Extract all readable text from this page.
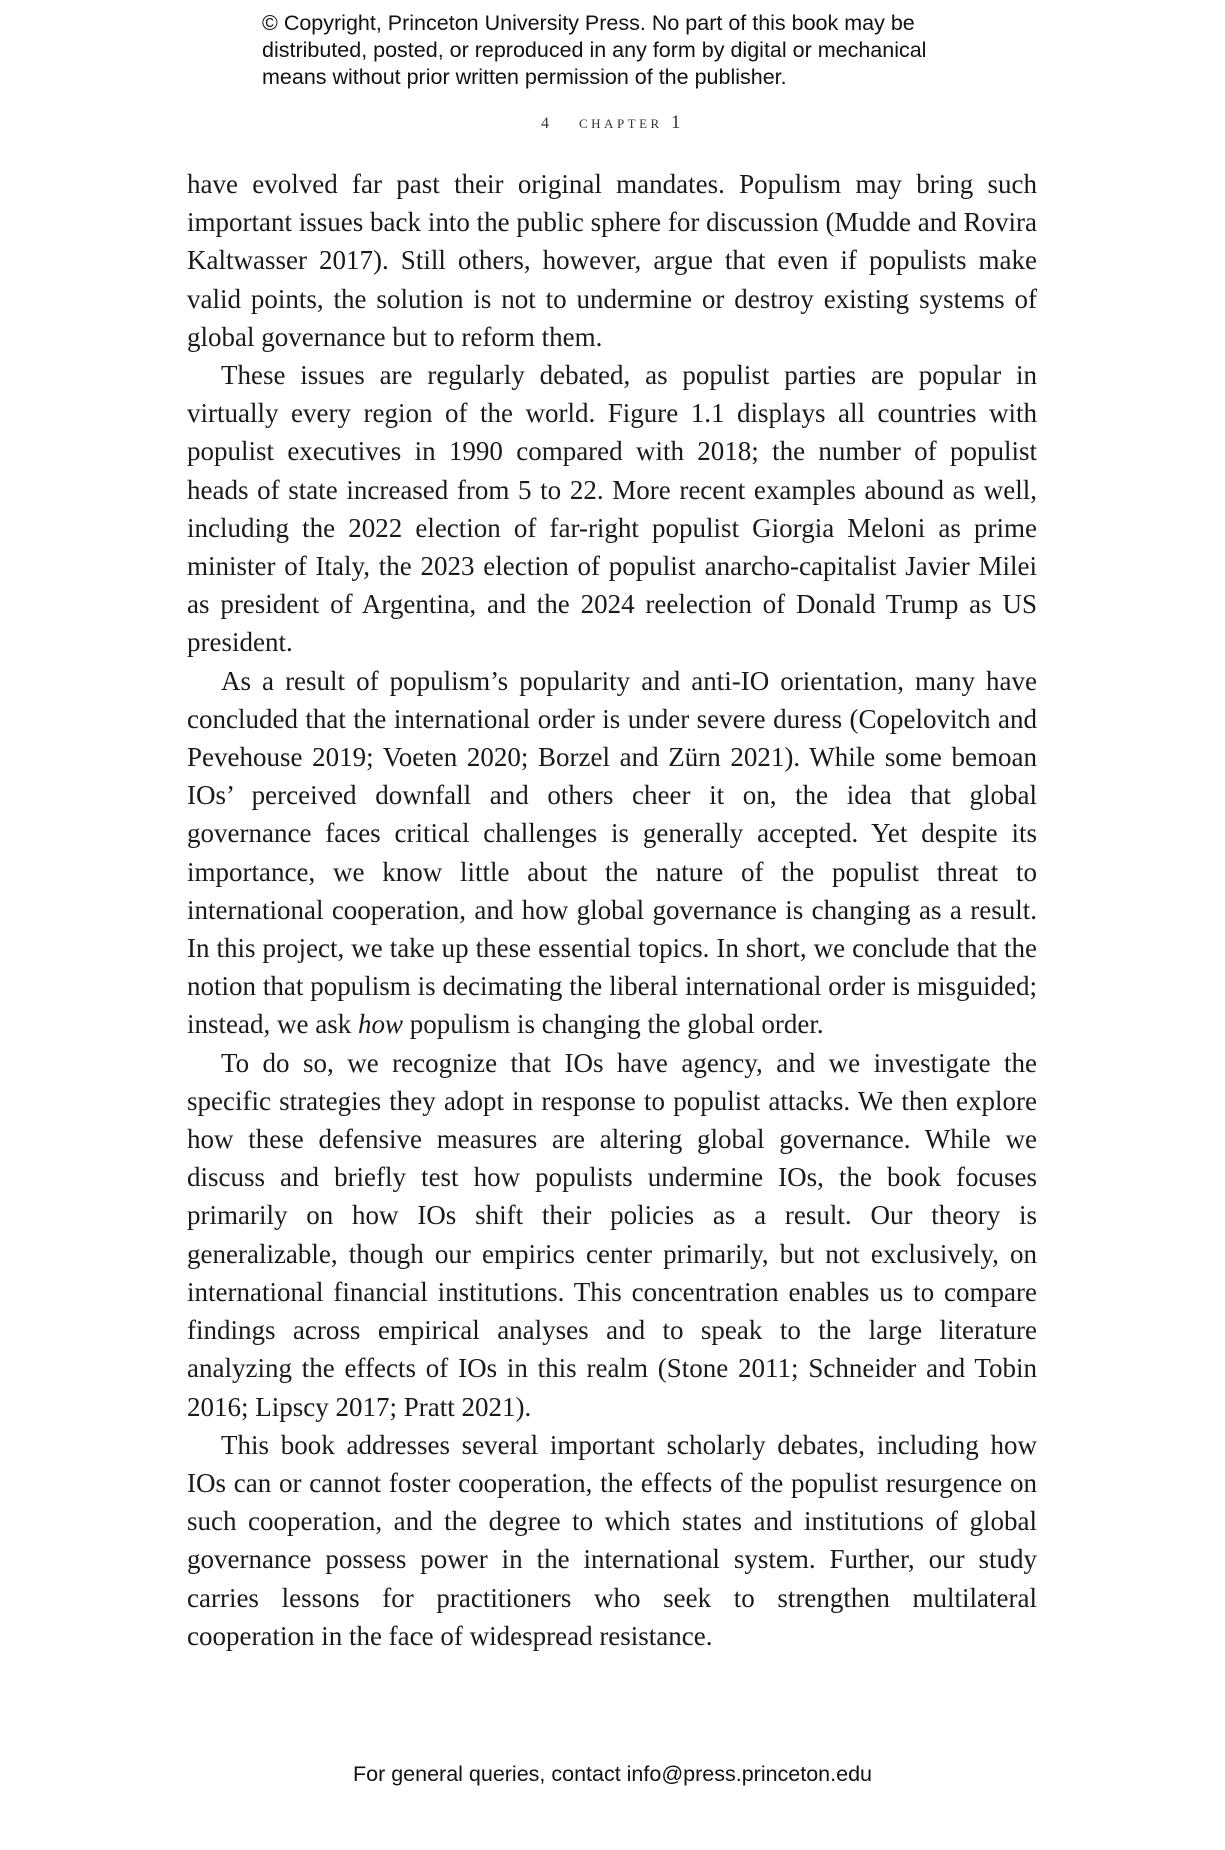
© Copyright, Princeton University Press. No part of this book may be

distributed, posted, or reproduced in any form by digital or mechanical

means without prior written permission of the publisher.

4 chapter 1

have evolved far past their original mandates. Populism may bring such important issues back into the public sphere for discussion (Mudde and Rovira Kaltwasser 2017). Still others, however, argue that even if populists make valid points, the solution is not to undermine or destroy existing systems of global governance but to reform them.

These issues are regularly debated, as populist parties are popular in virtually every region of the world. Figure 1.1 displays all countries with populist executives in 1990 compared with 2018; the number of populist heads of state increased from 5 to 22. More recent examples abound as well, including the 2022 election of far-right populist Giorgia Meloni as prime minister of Italy, the 2023 election of populist anarcho-capitalist Javier Milei as president of Argentina, and the 2024 reelection of Donald Trump as US president.

As a result of populism’s popularity and anti-IO orientation, many have concluded that the international order is under severe duress (Copelovitch and Pevehouse 2019; Voeten 2020; Borzel and Zürn 2021). While some bemoan IOs’ perceived downfall and others cheer it on, the idea that global governance faces critical challenges is generally accepted. Yet despite its importance, we know little about the nature of the populist threat to international cooperation, and how global governance is changing as a result. In this project, we take up these essential topics. In short, we conclude that the notion that populism is decimating the liberal international order is misguided; instead, we ask how populism is changing the global order.

To do so, we recognize that IOs have agency, and we investigate the specific strategies they adopt in response to populist attacks. We then explore how these defensive measures are altering global governance. While we discuss and briefly test how populists undermine IOs, the book focuses primarily on how IOs shift their policies as a result. Our theory is generalizable, though our empirics center primarily, but not exclusively, on international financial institutions. This concentration enables us to compare findings across empirical analyses and to speak to the large literature analyzing the effects of IOs in this realm (Stone 2011; Schneider and Tobin 2016; Lipscy 2017; Pratt 2021).

This book addresses several important scholarly debates, including how IOs can or cannot foster cooperation, the effects of the populist resurgence on such cooperation, and the degree to which states and institutions of global governance possess power in the international system. Further, our study carries lessons for practitioners who seek to strengthen multilateral cooperation in the face of widespread resistance.

For general queries, contact info@press.princeton.edu
